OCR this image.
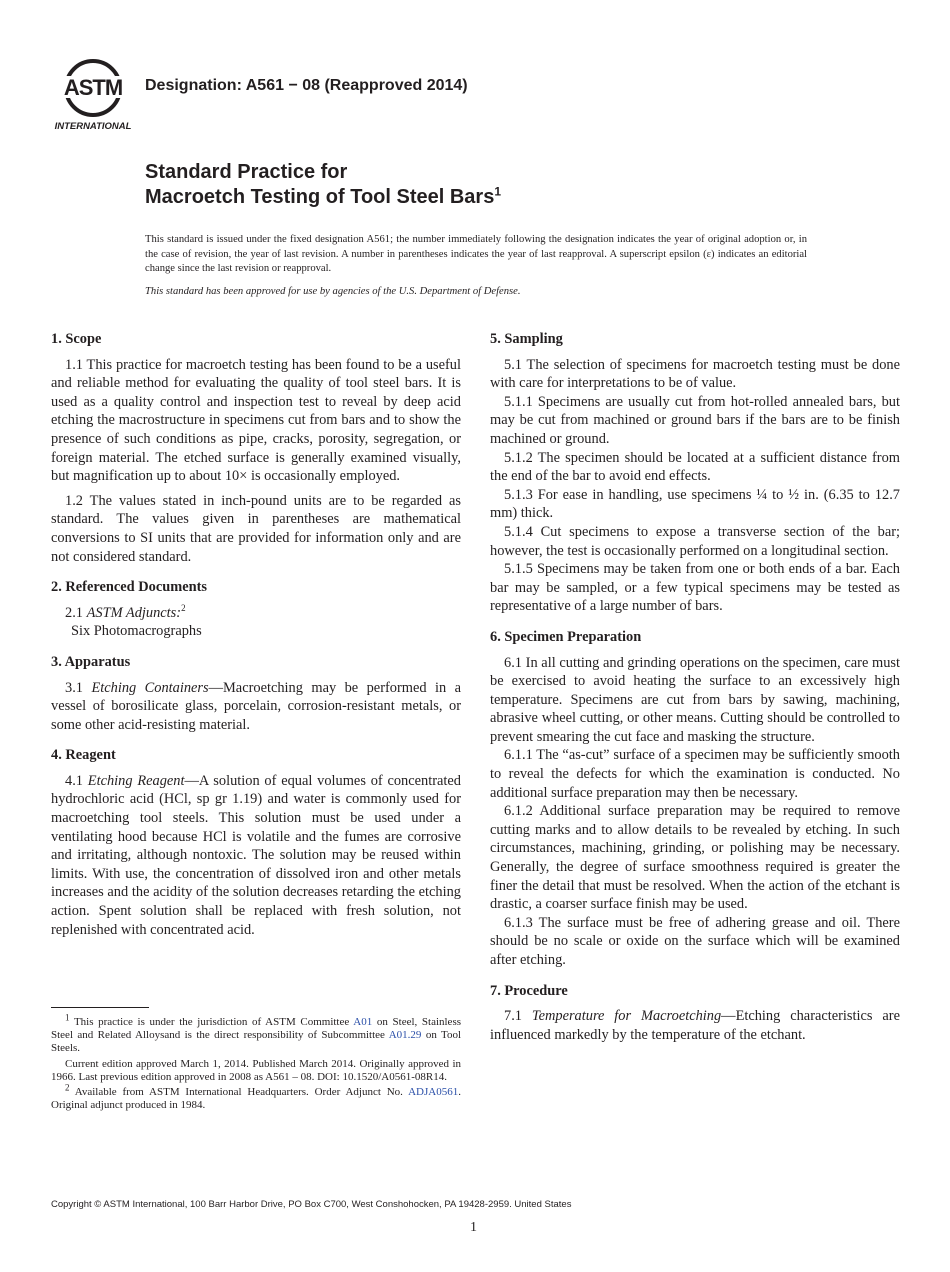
ASTM
INTERNATIONAL
Designation: A561 − 08 (Reapproved 2014)
Standard Practice for
Macroetch Testing of Tool Steel Bars$^1$
This standard is issued under the fixed designation A561; the number immediately following the designation indicates the year of original adoption or, in the case of revision, the year of last revision. A number in parentheses indicates the year of last reapproval. A superscript epsilon (ε) indicates an editorial change since the last revision or reapproval.
This standard has been approved for use by agencies of the U.S. Department of Defense.
1. Scope

1.1 This practice for macroetch testing has been found to be a useful and reliable method for evaluating the quality of tool steel bars. It is used as a quality control and inspection test to reveal by deep acid etching the macrostructure in specimens cut from bars and to show the presence of such conditions as pipe, cracks, porosity, segregation, or foreign material. The etched surface is generally examined visually, but magnification up to about 10× is occasionally employed.

1.2 The values stated in inch-pound units are to be regarded as standard. The values given in parentheses are mathematical conversions to SI units that are provided for information only and are not considered standard.

2. Referenced Documents

2.1 ASTM Adjuncts:$^2$

Six Photomacrographs

3. Apparatus

3.1 Etching Containers—Macroetching may be performed in a vessel of borosilicate glass, porcelain, corrosion-resistant metals, or some other acid-resisting material.

4. Reagent

4.1 Etching Reagent—A solution of equal volumes of concentrated hydrochloric acid (HCl, sp gr 1.19) and water is commonly used for macroetching tool steels. This solution must be used under a ventilating hood because HCl is volatile and the fumes are corrosive and irritating, although nontoxic. The solution may be reused within limits. With use, the concentration of dissolved iron and other metals increases and the acidity of the solution decreases retarding the etching action. Spent solution shall be replaced with fresh solution, not replenished with concentrated acid.

5. Sampling

5.1 The selection of specimens for macroetch testing must be done with care for interpretations to be of value.

5.1.1 Specimens are usually cut from hot-rolled annealed bars, but may be cut from machined or ground bars if the bars are to be finish machined or ground.

5.1.2 The specimen should be located at a sufficient distance from the end of the bar to avoid end effects.

5.1.3 For ease in handling, use specimens ¼ to ½ in. (6.35 to 12.7 mm) thick.

5.1.4 Cut specimens to expose a transverse section of the bar; however, the test is occasionally performed on a longitudinal section.

5.1.5 Specimens may be taken from one or both ends of a bar. Each bar may be sampled, or a few typical specimens may be tested as representative of a large number of bars.

6. Specimen Preparation

6.1 In all cutting and grinding operations on the specimen, care must be exercised to avoid heating the surface to an excessively high temperature. Specimens are cut from bars by sawing, machining, abrasive wheel cutting, or other means. Cutting should be controlled to prevent smearing the cut face and masking the structure.

6.1.1 The “as-cut” surface of a specimen may be sufficiently smooth to reveal the defects for which the examination is conducted. No additional surface preparation may then be necessary.

6.1.2 Additional surface preparation may be required to remove cutting marks and to allow details to be revealed by etching. In such circumstances, machining, grinding, or polishing may be necessary. Generally, the degree of surface smoothness required is greater the finer the detail that must be resolved. When the action of the etchant is drastic, a coarser surface finish may be used.

6.1.3 The surface must be free of adhering grease and oil. There should be no scale or oxide on the surface which will be examined after etching.

7. Procedure

7.1 Temperature for Macroetching—Etching characteristics are influenced markedly by the temperature of the etchant.

$^1$ This practice is under the jurisdiction of ASTM Committee A01 on Steel, Stainless Steel and Related Alloysand is the direct responsibility of Subcommittee A01.29 on Tool Steels.

Current edition approved March 1, 2014. Published March 2014. Originally approved in 1966. Last previous edition approved in 2008 as A561 – 08. DOI: 10.1520/A0561-08R14.

$^2$ Available from ASTM International Headquarters. Order Adjunct No. ADJA0561. Original adjunct produced in 1984.

Copyright © ASTM International, 100 Barr Harbor Drive, PO Box C700, West Conshohocken, PA 19428-2959. United States
1
